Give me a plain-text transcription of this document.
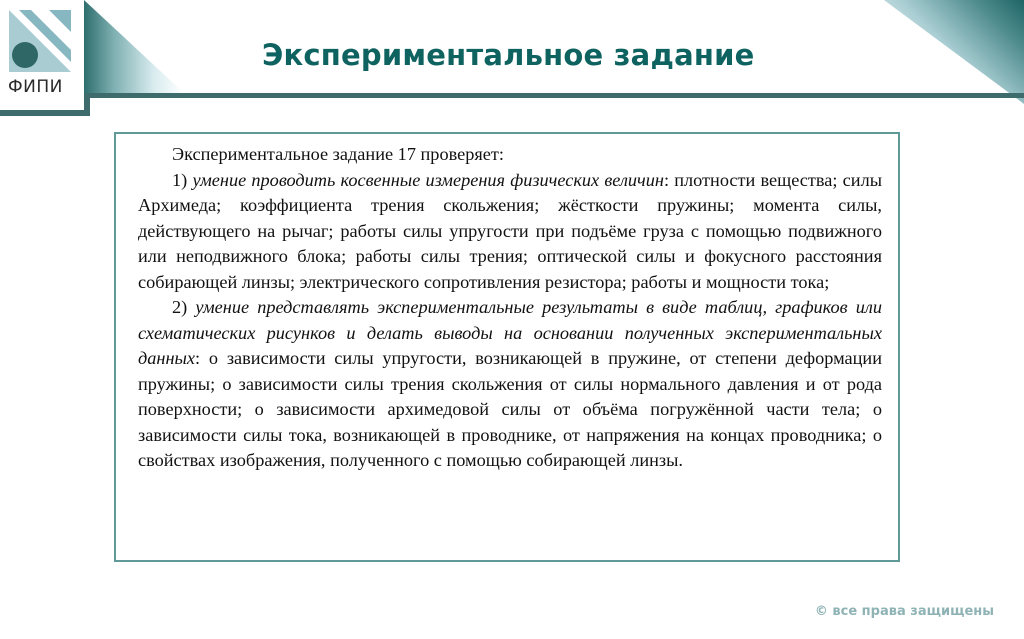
ФИПИ
Экспериментальное задание

Экспериментальное задание 17 проверяет:

1) умение проводить косвенные измерения физических величин: плотности вещества; силы Архимеда; коэффициента трения скольжения; жёсткости пружины; момента силы, действующего на рычаг; работы силы упругости при подъёме груза с помощью подвижного или неподвижного блока; работы силы трения; оптической силы и фокусного расстояния собирающей линзы; электрического сопротивления резистора; работы и мощности тока;

2) умение представлять экспериментальные результаты в виде таблиц, графиков или схематических рисунков и делать выводы на основании полученных экспериментальных данных: о зависимости силы упругости, возникающей в пружине, от степени деформации пружины; о зависимости силы трения скольжения от силы нормального давления и от рода поверхности; о зависимости архимедовой силы от объёма погружённой части тела; о зависимости силы тока, возникающей в проводнике, от напряжения на концах проводника; о свойствах изображения, полученного с помощью собирающей линзы.

© все права защищены
